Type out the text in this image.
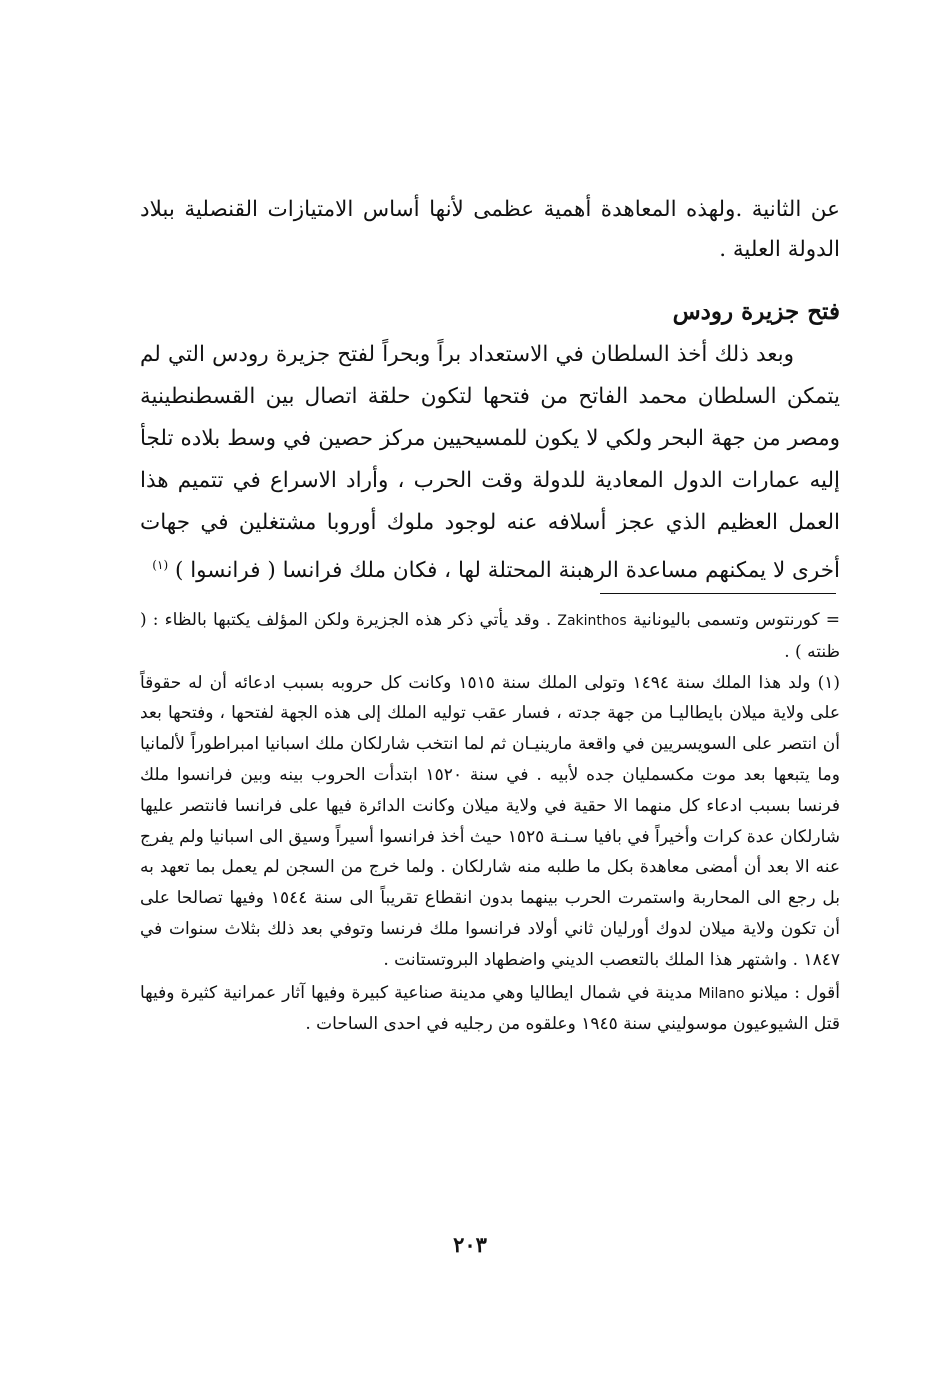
عن الثانية .ولهذه المعاهدة أهمية عظمى لأنها أساس الامتيازات القنصلية ببلاد الدولة العلية .

فتح جزيرة رودس

وبعد ذلك أخذ السلطان في الاستعداد براً وبحراً لفتح جزيرة رودس التي لم يتمكن السلطان محمد الفاتح من فتحها لتكون حلقة اتصال بين القسطنطينية ومصر من جهة البحر ولكي لا يكون للمسيحيين مركز حصين في وسط بلاده تلجأ إليه عمارات الدول المعادية للدولة وقت الحرب ، وأراد الاسراع في تتميم هذا العمل العظيم الذي عجز أسلافه عنه لوجود ملوك أوروبا مشتغلين في جهات أخرى لا يمكنهم مساعدة الرهبنة المحتلة لها ، فكان ملك فرانسا ( فرانسوا ) $^{(١)}$

= كورنتوس وتسمى باليونانية Zakinthos . وقد يأتي ذكر هذه الجزيرة ولكن المؤلف يكتبها بالظاء : ( ظنته ) .

(١) ولد هذا الملك سنة ١٤٩٤ وتولى الملك سنة ١٥١٥ وكانت كل حروبه بسبب ادعائه أن له حقوقاً على ولاية ميلان بايطاليـا من جهة جدته ، فسار عقب توليه الملك إلى هذه الجهة لفتحها ، وفتحها بعد أن انتصر على السويسريين في واقعة مارينيـان ثم لما انتخب شارلكان ملك اسبانيا امبراطوراً لألمانيا وما يتبعها بعد موت مكسمليان جده لأبيه . في سنة ١٥٢٠ ابتدأت الحروب بينه وبين فرانسوا ملك فرنسا بسبب ادعاء كل منهما الا حقية في ولاية ميلان وكانت الدائرة فيها على فرانسا فانتصر عليها شارلكان عدة كرات وأخيراً في بافيا سـنـة ١٥٢٥ حيث أخذ فرانسوا أسيراً وسيق الى اسبانيا ولم يفرج عنه الا بعد أن أمضى معاهدة بكل ما طلبه منه شارلكان . ولما خرج من السجن لم يعمل بما تعهد به بل رجع الى المحاربة واستمرت الحرب بينهما بدون انقطاع تقريباً الى سنة ١٥٤٤ وفيها تصالحا على أن تكون ولاية ميلان لدوك أورليان ثاني أولاد فرانسوا ملك فرنسا وتوفي بعد ذلك بثلاث سنوات في ١٨٤٧ . واشتهر هذا الملك بالتعصب الديني واضطهاد البروتستانت .

أقول : ميلانو Milano مدينة في شمال ايطاليا وهي مدينة صناعية كبيرة وفيها آثار عمرانية كثيرة وفيها قتل الشيوعيون موسوليني سنة ١٩٤٥ وعلقوه من رجليه في احدى الساحات .

٢٠٣
